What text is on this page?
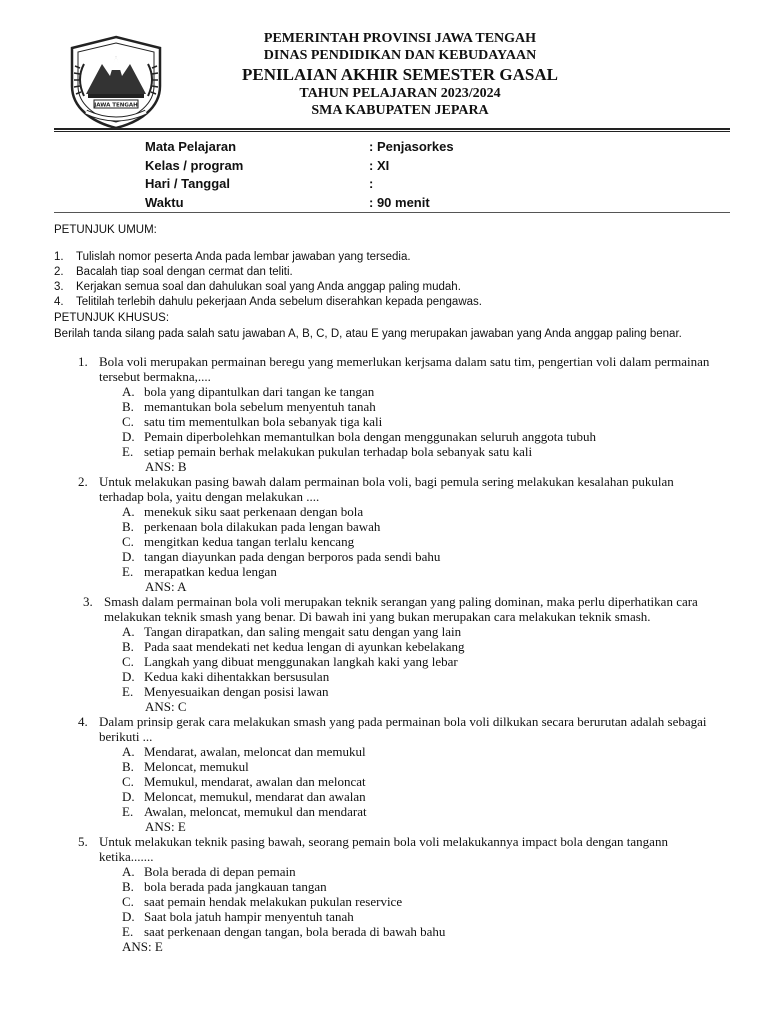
JAWA TENGAH
PEMERINTAH PROVINSI JAWA TENGAH
DINAS PENDIDIKAN DAN KEBUDAYAAN
PENILAIAN AKHIR SEMESTER GASAL
TAHUN PELAJARAN 2023/2024
SMA KABUPATEN JEPARA
Mata Pelajaran	: Penjasorkes
Kelas / program	: XI
Hari / Tanggal	:
Waktu	: 90 menit
PETUNJUK UMUM:
1. Tulislah nomor peserta Anda pada lembar jawaban yang tersedia.
2. Bacalah tiap soal dengan cermat dan teliti.
3. Kerjakan semua soal dan dahulukan soal yang Anda anggap paling mudah.
4. Telitilah terlebih dahulu pekerjaan Anda sebelum diserahkan kepada pengawas.
PETUNJUK KHUSUS:
Berilah tanda silang pada salah satu jawaban A, B, C, D, atau E yang merupakan jawaban yang Anda anggap paling benar.
1. Bola voli merupakan permainan beregu yang memerlukan kerjsama dalam satu tim, pengertian voli dalam permainan tersebut bermakna,....
A. bola yang dipantulkan dari tangan ke tangan
B. memantukan bola sebelum menyentuh tanah
C. satu tim mementulkan bola sebanyak tiga kali
D. Pemain diperbolehkan memantulkan bola dengan menggunakan seluruh anggota tubuh
E. setiap pemain berhak melakukan pukulan terhadap bola sebanyak satu kali
ANS: B
2. Untuk melakukan pasing bawah dalam permainan bola voli, bagi pemula sering melakukan kesalahan pukulan terhadap bola, yaitu dengan melakukan ....
A. menekuk siku saat perkenaan dengan bola
B. perkenaan bola dilakukan pada lengan bawah
C. mengitkan kedua tangan terlalu kencang
D. tangan diayunkan pada dengan berporos pada sendi bahu
E. merapatkan kedua lengan
ANS: A
3. Smash dalam permainan bola voli merupakan teknik serangan yang paling dominan, maka perlu diperhatikan cara melakukan teknik smash yang benar. Di bawah ini yang bukan merupakan cara melakukan teknik smash.
A. Tangan dirapatkan, dan saling mengait satu dengan yang lain
B. Pada saat mendekati net kedua lengan di ayunkan kebelakang
C. Langkah yang dibuat menggunakan langkah kaki yang lebar
D. Kedua kaki dihentakkan bersusulan
E. Menyesuaikan dengan posisi lawan
ANS: C
4. Dalam prinsip gerak cara melakukan smash yang pada permainan bola voli dilkukan secara berurutan adalah sebagai berikuti ...
A. Mendarat, awalan, meloncat dan memukul
B. Meloncat, memukul
C. Memukul, mendarat, awalan dan meloncat
D. Meloncat, memukul, mendarat dan awalan
E. Awalan, meloncat, memukul dan mendarat
ANS: E
5. Untuk melakukan teknik pasing bawah, seorang pemain bola voli melakukannya impact bola dengan tangann ketika.......
A. Bola berada di depan pemain
B. bola berada pada jangkauan tangan
C. saat pemain hendak melakukan pukulan reservice
D. Saat bola jatuh hampir menyentuh tanah
E. saat perkenaan dengan tangan, bola berada di bawah bahu
ANS: E
